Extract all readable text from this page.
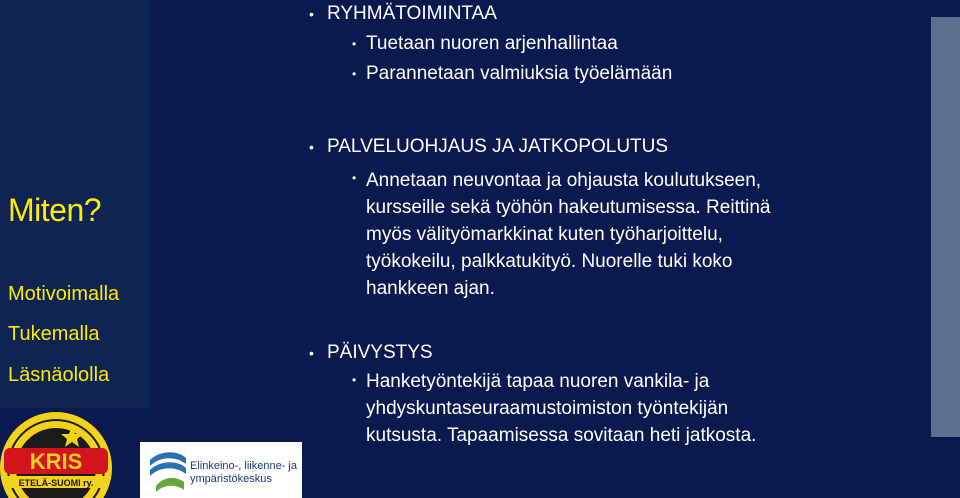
Miten?
Motivoimalla
Tukemalla
Läsnäololla
• RYHMÄTOIMINTAA
• Tuetaan nuoren arjenhallintaa
• Parannetaan valmiuksia työelämään
• PALVELUOHJAUS JA JATKOPOLUTUS
• Annetaan neuvontaa ja ohjausta koulutukseen,
kursseille sekä työhön hakeutumisessa. Reittinä
myös välityömarkkinat kuten työharjoittelu,
työkokeilu, palkkatukityö. Nuorelle tuki koko
hankkeen ajan.
• PÄIVYSTYS
• Hanketyöntekijä tapaa nuoren vankila- ja
yhdyskuntaseuraamustoimiston työntekijän
kutsusta. Tapaamisessa sovitaan heti jatkosta.
KRIS
ETELÄ-SUOMI ry.
Elinkeino-, liikenne- ja
ympäristökeskus
